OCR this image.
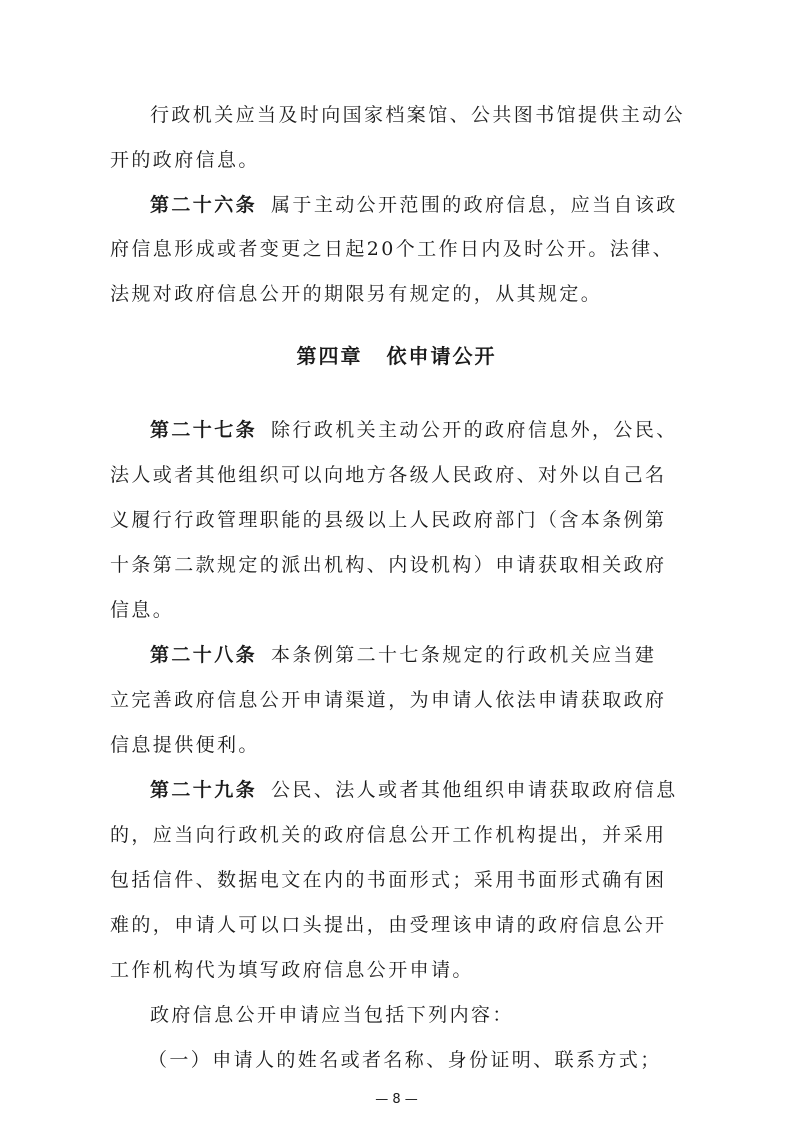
行政机关应当及时向国家档案馆、公共图书馆提供主动公
开的政府信息。
第二十六条 属于主动公开范围的政府信息，应当自该政
府信息形成或者变更之日起20个工作日内及时公开。法律、
法规对政府信息公开的期限另有规定的，从其规定。
第四章 依申请公开
第二十七条 除行政机关主动公开的政府信息外，公民、
法人或者其他组织可以向地方各级人民政府、对外以自己名
义履行行政管理职能的县级以上人民政府部门（含本条例第
十条第二款规定的派出机构、内设机构）申请获取相关政府
信息。
第二十八条 本条例第二十七条规定的行政机关应当建
立完善政府信息公开申请渠道，为申请人依法申请获取政府
信息提供便利。
第二十九条 公民、法人或者其他组织申请获取政府信息
的，应当向行政机关的政府信息公开工作机构提出，并采用
包括信件、数据电文在内的书面形式；采用书面形式确有困
难的，申请人可以口头提出，由受理该申请的政府信息公开
工作机构代为填写政府信息公开申请。
政府信息公开申请应当包括下列内容：
（一）申请人的姓名或者名称、身份证明、联系方式；
— 8 —
